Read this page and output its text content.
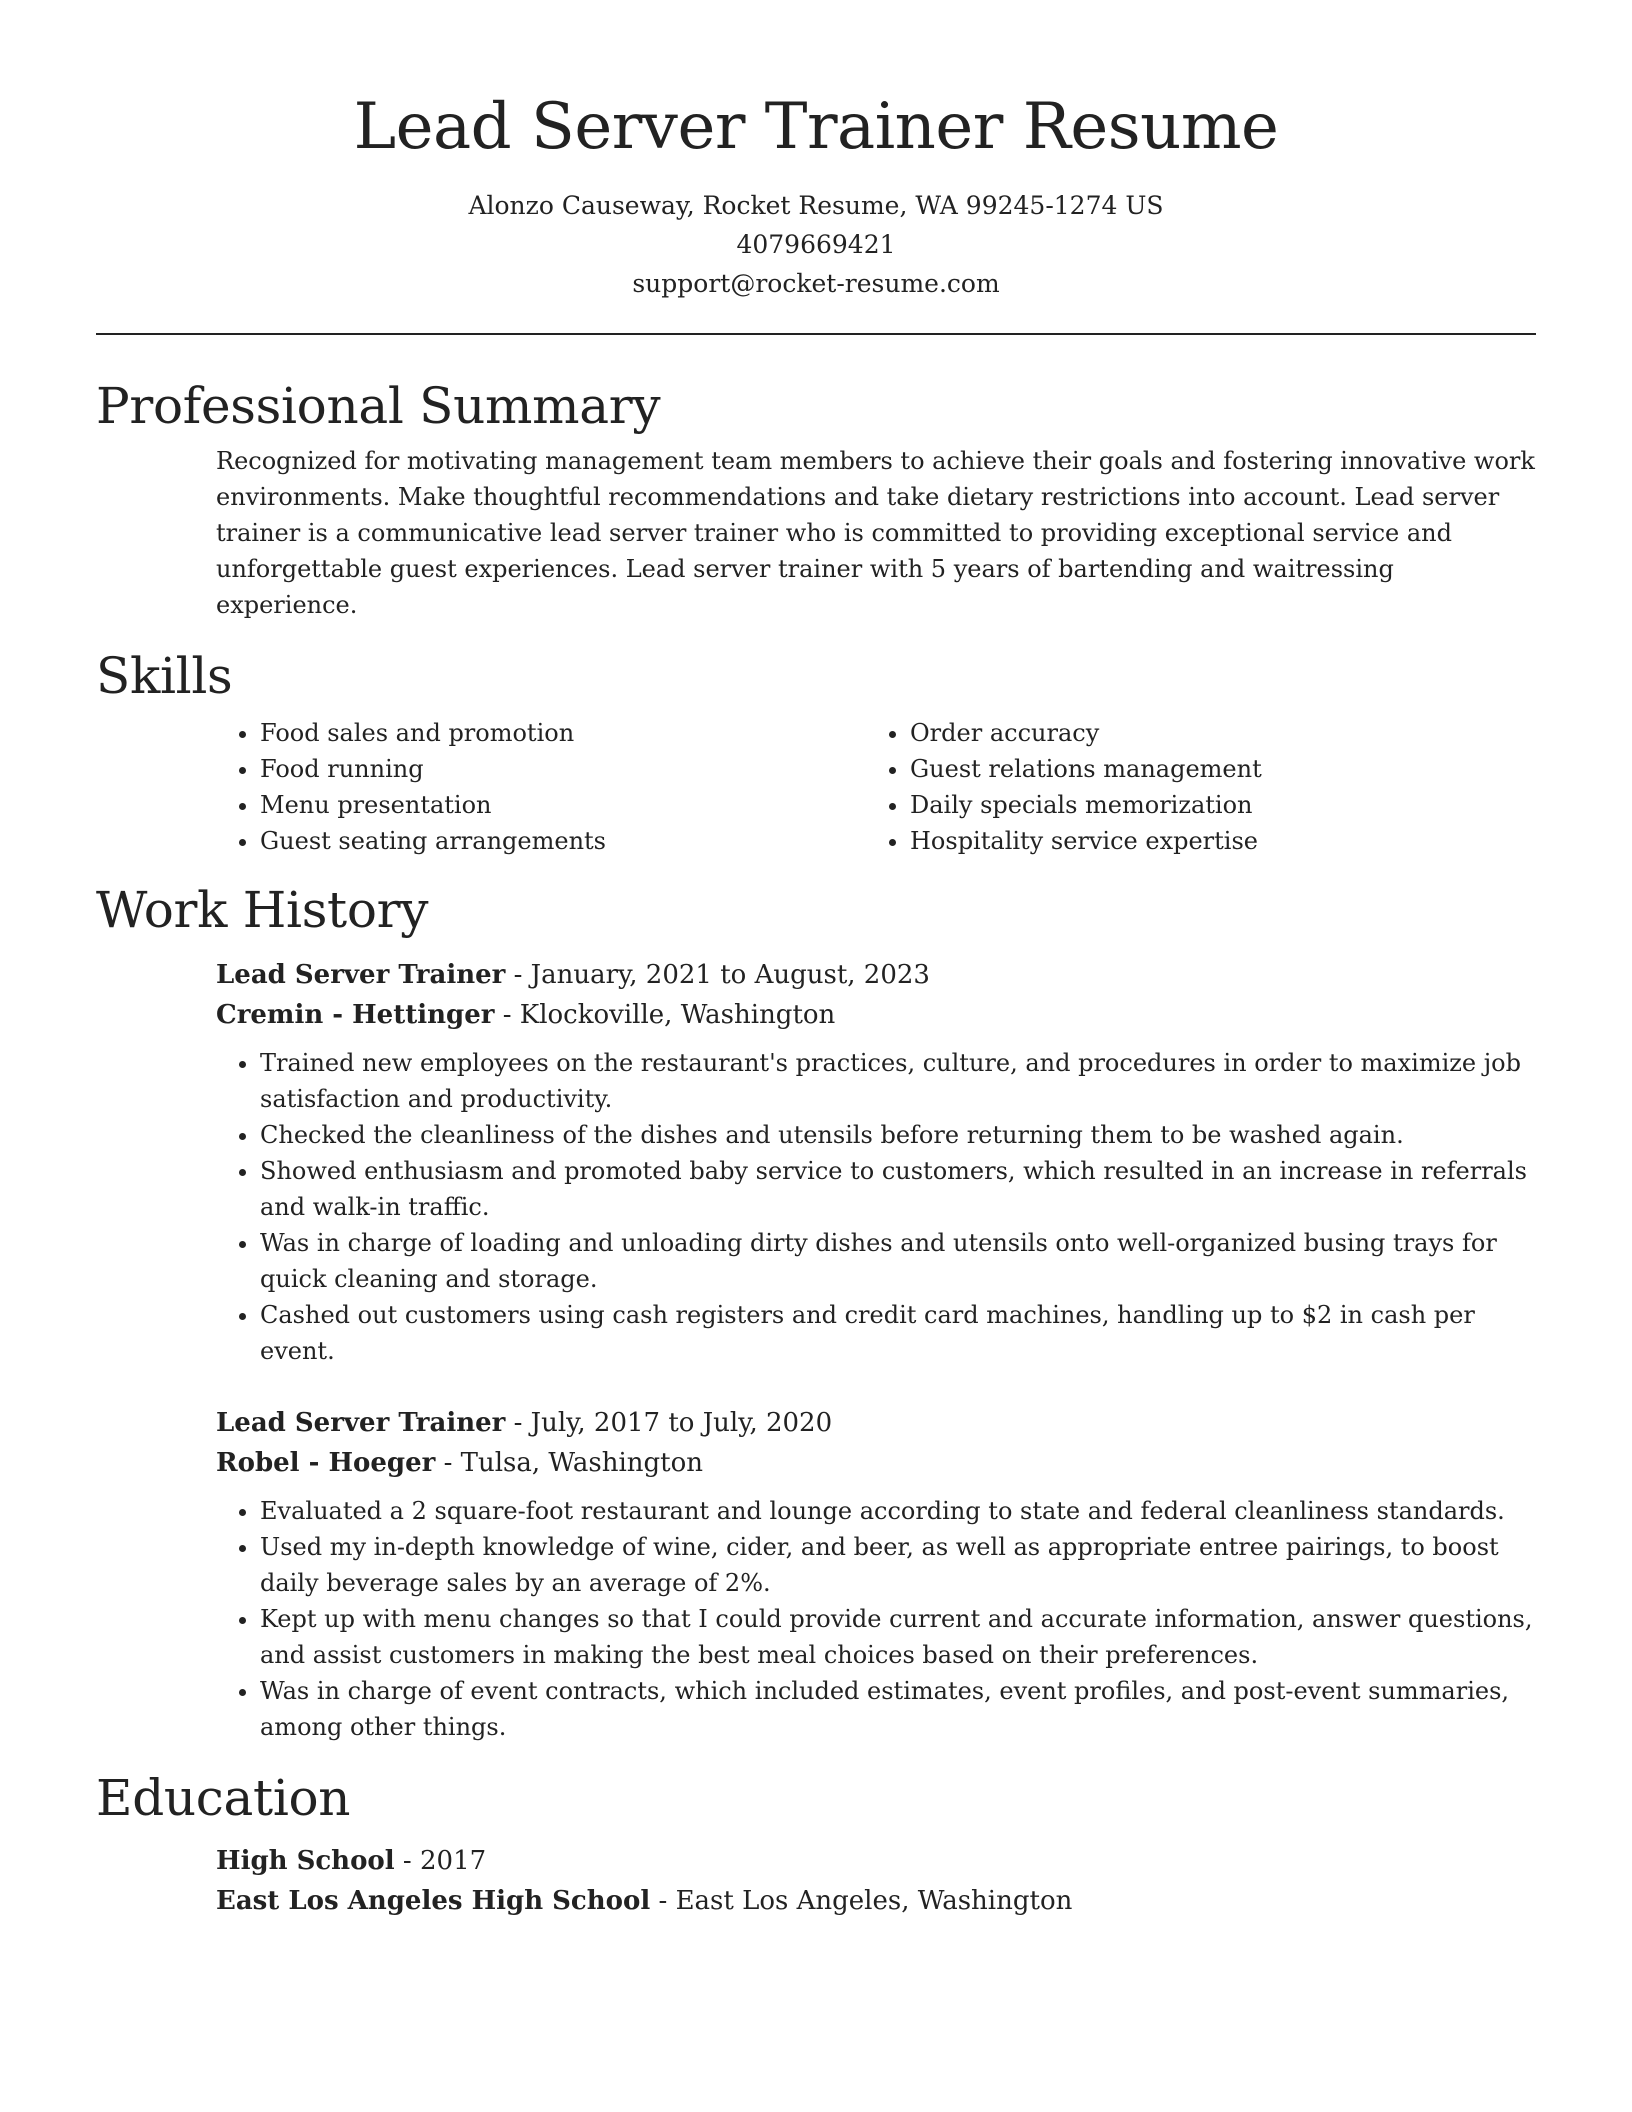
Lead Server Trainer Resume
Alonzo Causeway, Rocket Resume, WA 99245-1274 US
4079669421
support@rocket-resume.com
Professional Summary

Recognized for motivating management team members to achieve their goals and fostering innovative work environments. Make thoughtful recommendations and take dietary restrictions into account. Lead server trainer is a communicative lead server trainer who is committed to providing exceptional service and unforgettable guest experiences. Lead server trainer with 5 years of bartending and waitressing experience.

Skills
• Food sales and promotion
• Food running
• Menu presentation
• Guest seating arrangements
• Order accuracy
• Guest relations management
• Daily specials memorization
• Hospitality service expertise
Work History
Lead Server Trainer - January, 2021 to August, 2023
Cremin - Hettinger - Klockoville, Washington
• Trained new employees on the restaurant's practices, culture, and procedures in order to maximize job satisfaction and productivity.
• Checked the cleanliness of the dishes and utensils before returning them to be washed again.
• Showed enthusiasm and promoted baby service to customers, which resulted in an increase in referrals and walk-in traffic.
• Was in charge of loading and unloading dirty dishes and utensils onto well-organized busing trays for quick cleaning and storage.
• Cashed out customers using cash registers and credit card machines, handling up to $2 in cash per event.
Lead Server Trainer - July, 2017 to July, 2020
Robel - Hoeger - Tulsa, Washington
• Evaluated a 2 square-foot restaurant and lounge according to state and federal cleanliness standards.
• Used my in-depth knowledge of wine, cider, and beer, as well as appropriate entree pairings, to boost daily beverage sales by an average of 2%.
• Kept up with menu changes so that I could provide current and accurate information, answer questions, and assist customers in making the best meal choices based on their preferences.
• Was in charge of event contracts, which included estimates, event profiles, and post-event summaries, among other things.
Education
High School - 2017
East Los Angeles High School - East Los Angeles, Washington
